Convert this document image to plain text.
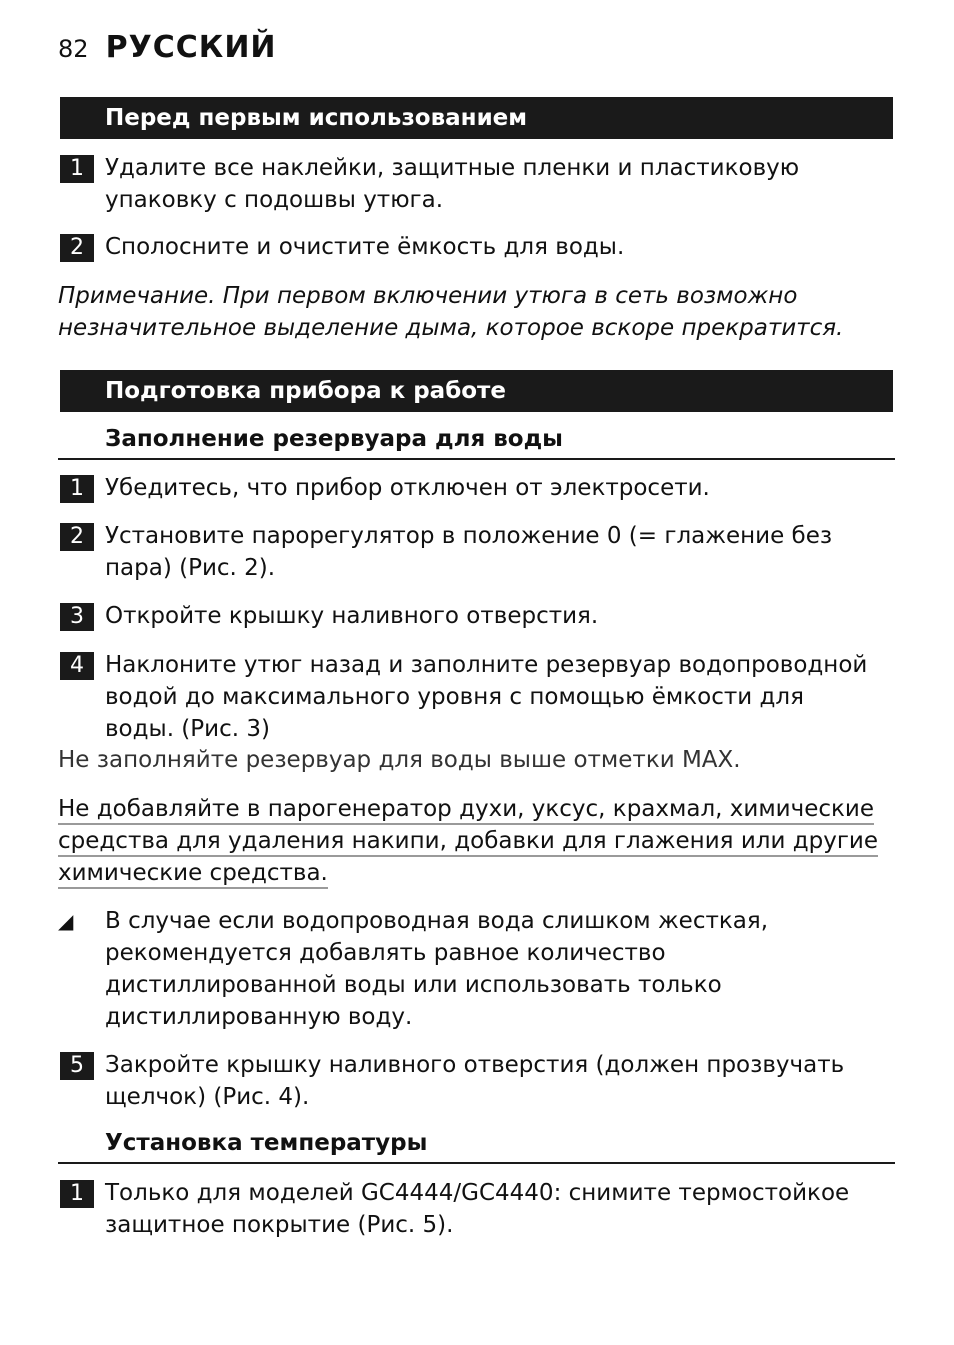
82 РУССКИЙ
Перед первым использованием
1 Удалите все наклейки, защитные пленки и пластиковую упаковку с подошвы утюга.
2 Сполосните и очистите ёмкость для воды.
Примечание. При первом включении утюга в сеть возможно незначительное выделение дыма, которое вскоре прекратится.
Подготовка прибора к работе
Заполнение резервуара для воды
1 Убедитесь, что прибор отключен от электросети.
2 Установите парорегулятор в положение 0 (= глажение без пара) (Рис. 2).
3 Откройте крышку наливного отверстия.
4 Наклоните утюг назад и заполните резервуар водопроводной водой до максимального уровня с помощью ёмкости для воды. (Рис. 3)
Не заполняйте резервуар для воды выше отметки MAX.
Не добавляйте в парогенератор духи, уксус, крахмал, химические средства для удаления накипи, добавки для глажения или другие химические средства.
◢ В случае если водопроводная вода слишком жесткая, рекомендуется добавлять равное количество дистиллированной воды или использовать только дистиллированную воду.
5 Закройте крышку наливного отверстия (должен прозвучать щелчок) (Рис. 4).
Установка температуры
1 Только для моделей GC4444/GC4440: снимите термостойкое защитное покрытие (Рис. 5).
